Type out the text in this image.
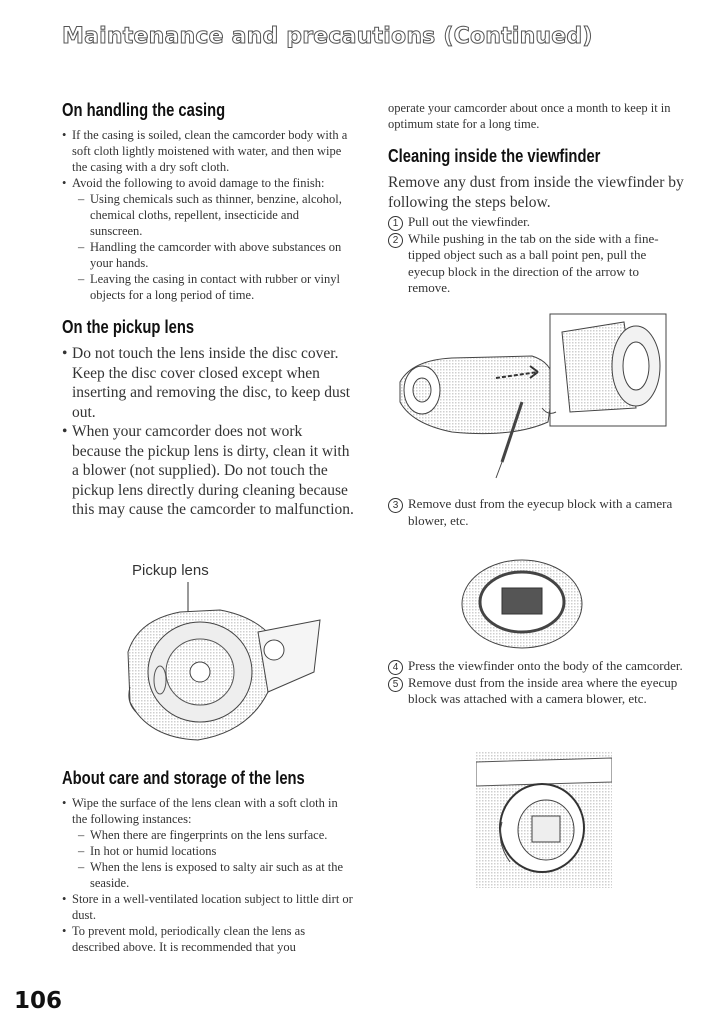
Maintenance and precautions (Continued)
On handling the casing
• If the casing is soiled, clean the camcorder body with a soft cloth lightly moistened with water, and then wipe the casing with a dry soft cloth.
• Avoid the following to avoid damage to the finish:
– Using chemicals such as thinner, benzine, alcohol, chemical cloths, repellent, insecticide and sunscreen.
– Handling the camcorder with above substances on your hands.
– Leaving the casing in contact with rubber or vinyl objects for a long period of time.
On the pickup lens
• Do not touch the lens inside the disc cover. Keep the disc cover closed except when inserting and removing the disc, to keep dust out.
• When your camcorder does not work because the pickup lens is dirty, clean it with a blower (not supplied). Do not touch the pickup lens directly during cleaning because this may cause the camcorder to malfunction.
Pickup lens
About care and storage of the lens
• Wipe the surface of the lens clean with a soft cloth in the following instances:
– When there are fingerprints on the lens surface.
– In hot or humid locations
– When the lens is exposed to salty air such as at the seaside.
• Store in a well-ventilated location subject to little dirt or dust.
• To prevent mold, periodically clean the lens as described above. It is recommended that you

operate your camcorder about once a month to keep it in optimum state for a long time.

Cleaning inside the viewfinder

Remove any dust from inside the viewfinder by following the steps below.

1 Pull out the viewfinder.
2 While pushing in the tab on the side with a fine-tipped object such as a ball point pen, pull the eyecup block in the direction of the arrow to remove.
3 Remove dust from the eyecup block with a camera blower, etc.
4 Press the viewfinder onto the body of the camcorder.
5 Remove dust from the inside area where the eyecup block was attached with a camera blower, etc.
106
